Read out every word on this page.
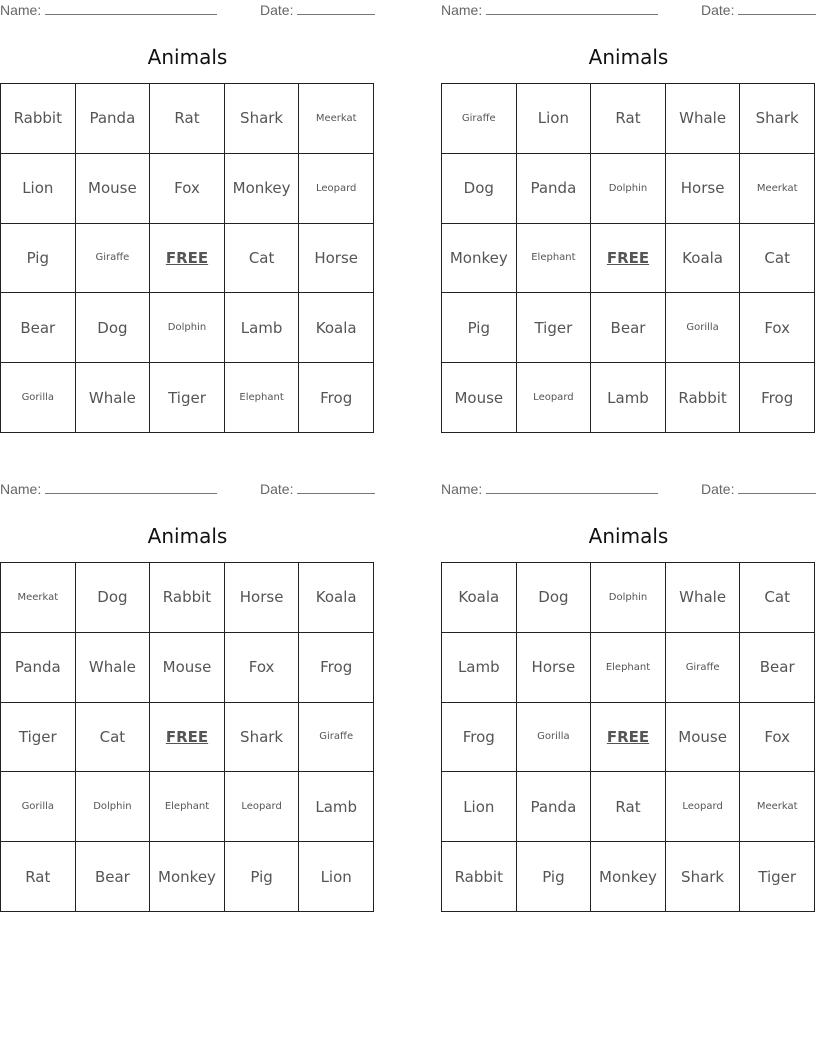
Name:	Date:
Animals
Rabbit	Panda	Rat	Shark	Meerkat
Lion	Mouse	Fox	Monkey	Leopard
Pig	Giraffe	FREE	Cat	Horse
Bear	Dog	Dolphin	Lamb	Koala
Gorilla	Whale	Tiger	Elephant	Frog
Name:	Date:
Animals
Giraffe	Lion	Rat	Whale	Shark
Dog	Panda	Dolphin	Horse	Meerkat
Monkey	Elephant	FREE	Koala	Cat
Pig	Tiger	Bear	Gorilla	Fox
Mouse	Leopard	Lamb	Rabbit	Frog
Name:	Date:
Animals
Meerkat	Dog	Rabbit	Horse	Koala
Panda	Whale	Mouse	Fox	Frog
Tiger	Cat	FREE	Shark	Giraffe
Gorilla	Dolphin	Elephant	Leopard	Lamb
Rat	Bear	Monkey	Pig	Lion
Name:	Date:
Animals
Koala	Dog	Dolphin	Whale	Cat
Lamb	Horse	Elephant	Giraffe	Bear
Frog	Gorilla	FREE	Mouse	Fox
Lion	Panda	Rat	Leopard	Meerkat
Rabbit	Pig	Monkey	Shark	Tiger
